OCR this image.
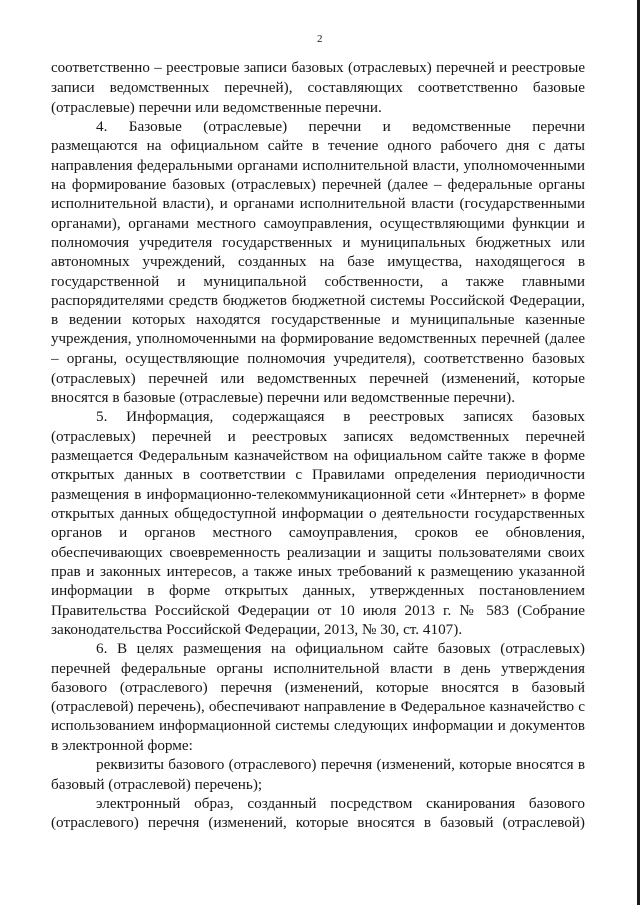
2
соответственно – реестровые записи базовых (отраслевых) перечней и реестровые
записи ведомственных перечней), составляющих соответственно базовые
(отраслевые) перечни или ведомственные перечни.
4. Базовые (отраслевые) перечни и ведомственные перечни
размещаются на официальном сайте в течение одного рабочего дня с даты
направления федеральными органами исполнительной власти, уполномоченными
на формирование базовых (отраслевых) перечней (далее – федеральные органы
исполнительной власти), и органами исполнительной власти (государственными
органами), органами местного самоуправления, осуществляющими функции и
полномочия учредителя государственных и муниципальных бюджетных или
автономных учреждений, созданных на базе имущества, находящегося в
государственной и муниципальной собственности, а также главными
распорядителями средств бюджетов бюджетной системы Российской Федерации,
в ведении которых находятся государственные и муниципальные казенные
учреждения, уполномоченными на формирование ведомственных перечней (далее
– органы, осуществляющие полномочия учредителя), соответственно базовых
(отраслевых) перечней или ведомственных перечней (изменений, которые
вносятся в базовые (отраслевые) перечни или ведомственные перечни).
5. Информация, содержащаяся в реестровых записях базовых
(отраслевых) перечней и реестровых записях ведомственных перечней
размещается Федеральным казначейством на официальном сайте также в форме
открытых данных в соответствии с Правилами определения периодичности
размещения в информационно-телекоммуникационной сети «Интернет» в форме
открытых данных общедоступной информации о деятельности государственных
органов и органов местного самоуправления, сроков ее обновления,
обеспечивающих своевременность реализации и защиты пользователями своих
прав и законных интересов, а также иных требований к размещению указанной
информации в форме открытых данных, утвержденных постановлением
Правительства Российской Федерации от 10 июля 2013 г. № 583 (Собрание
законодательства Российской Федерации, 2013, № 30, ст. 4107).
6. В целях размещения на официальном сайте базовых (отраслевых)
перечней федеральные органы исполнительной власти в день утверждения
базового (отраслевого) перечня (изменений, которые вносятся в базовый
(отраслевой) перечень), обеспечивают направление в Федеральное казначейство с
использованием информационной системы следующих информации и документов
в электронной форме:
реквизиты базового (отраслевого) перечня (изменений, которые вносятся в
базовый (отраслевой) перечень);
электронный образ, созданный посредством сканирования базового
(отраслевого) перечня (изменений, которые вносятся в базовый (отраслевой)
